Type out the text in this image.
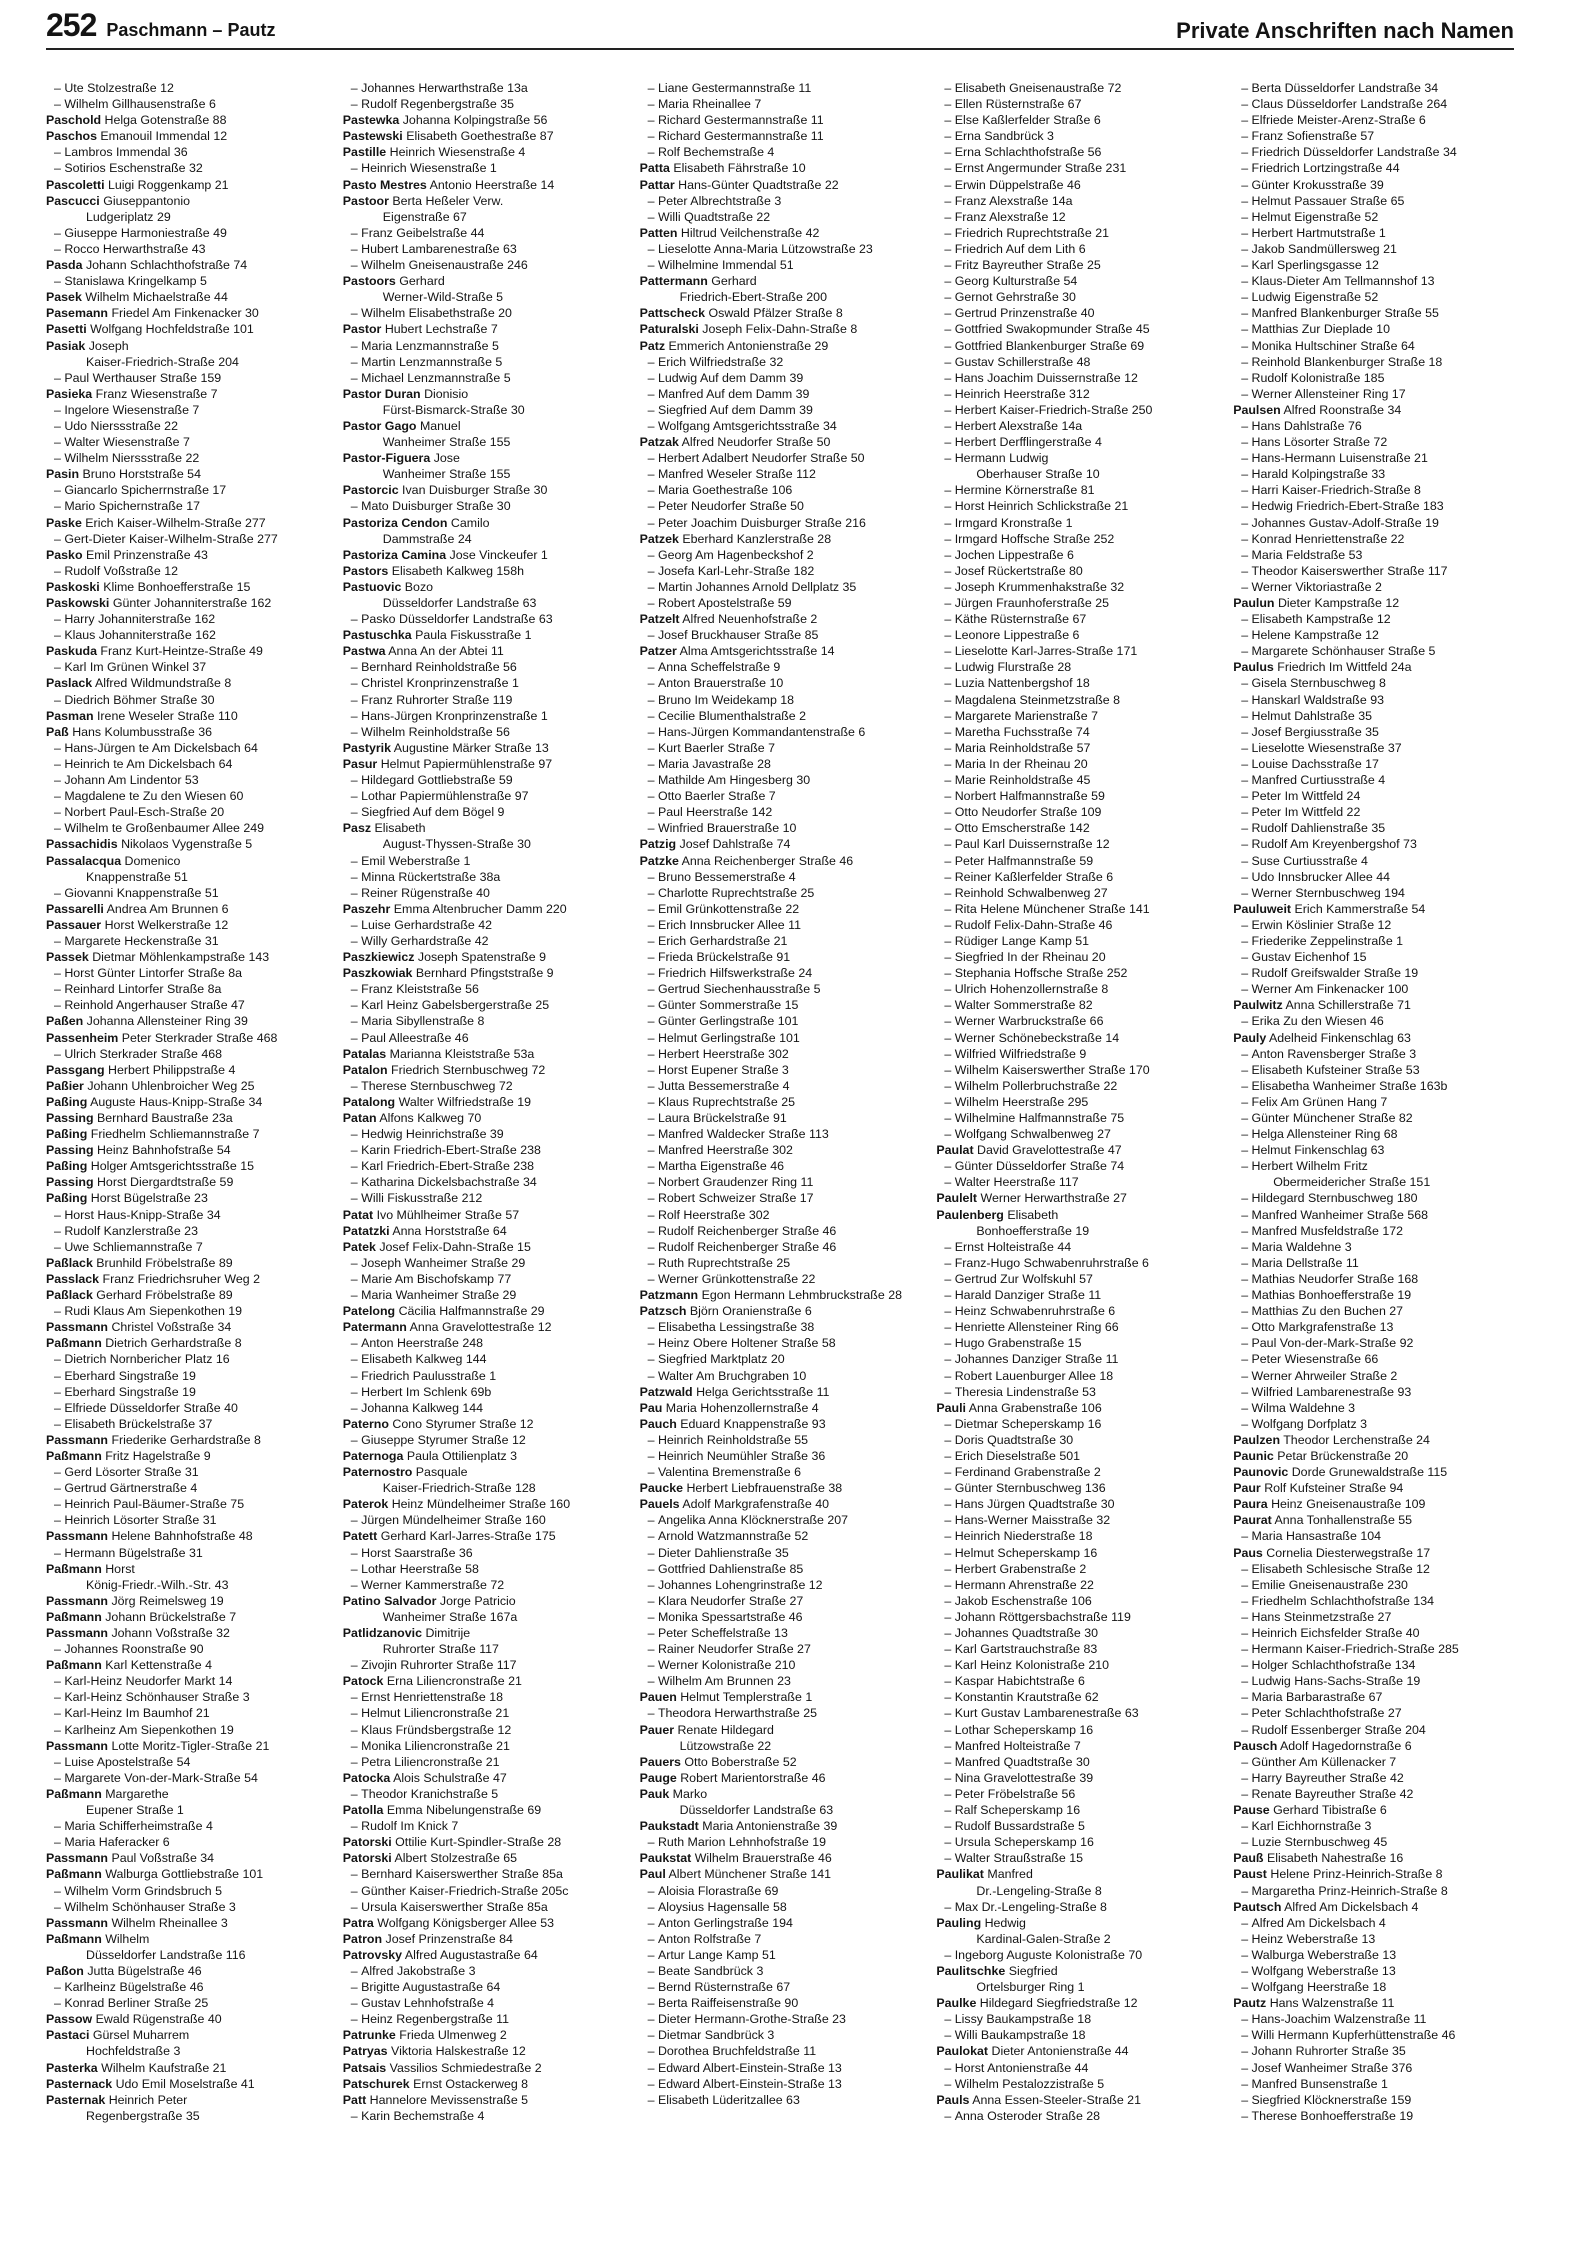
252 Paschmann – Pautz	Private Anschriften nach Namen
– Ute Stolzestraße 12
– Wilhelm Gillhausenstraße 6
Paschold Helga Gotenstraße 88
Paschos Emanouil Immendal 12
– Lambros Immendal 36
– Sotirios Eschenstraße 32
Pascoletti Luigi Roggenkamp 21
Pascucci Giuseppantonio
Ludgeriplatz 29
– Giuseppe Harmoniestraße 49
– Rocco Herwarthstraße 43
Pasda Johann Schlachthofstraße 74
– Stanislawa Kringelkamp 5
Pasek Wilhelm Michaelstraße 44
Pasemann Friedel Am Finkenacker 30
Pasetti Wolfgang Hochfeldstraße 101
Pasiak Joseph
Kaiser-Friedrich-Straße 204
– Paul Werthauser Straße 159
Pasieka Franz Wiesenstraße 7
– Ingelore Wiesenstraße 7
– Udo Nierssstraße 22
– Walter Wiesenstraße 7
– Wilhelm Nierssstraße 22
Pasin Bruno Horststraße 54
– Giancarlo Spicherrnstraße 17
– Mario Spichernstraße 17
Paske Erich Kaiser-Wilhelm-Straße 277
– Gert-Dieter Kaiser-Wilhelm-Straße 277
Pasko Emil Prinzenstraße 43
– Rudolf Voßstraße 12
Paskoski Klime Bonhoefferstraße 15
Paskowski Günter Johanniterstraße 162
– Harry Johanniterstraße 162
– Klaus Johanniterstraße 162
Paskuda Franz Kurt-Heintze-Straße 49
– Karl Im Grünen Winkel 37
Paslack Alfred Wildmundstraße 8
– Diedrich Böhmer Straße 30
Pasman Irene Weseler Straße 110
Paß Hans Kolumbusstraße 36
– Hans-Jürgen te Am Dickelsbach 64
– Heinrich te Am Dickelsbach 64
– Johann Am Lindentor 53
– Magdalene te Zu den Wiesen 60
– Norbert Paul-Esch-Straße 20
– Wilhelm te Großenbaumer Allee 249
Passachidis Nikolaos Vygenstraße 5
Passalacqua Domenico
Knappenstraße 51
– Giovanni Knappenstraße 51
Passarelli Andrea Am Brunnen 6
Passauer Horst Welkerstraße 12
– Margarete Heckenstraße 31
Passek Dietmar Möhlenkampstraße 143
– Horst Günter Lintorfer Straße 8a
– Reinhard Lintorfer Straße 8a
– Reinhold Angerhauser Straße 47
Paßen Johanna Allensteiner Ring 39
Passenheim Peter Sterkrader Straße 468
– Ulrich Sterkrader Straße 468
Passgang Herbert Philippstraße 4
Paßier Johann Uhlenbroicher Weg 25
Paßing Auguste Haus-Knipp-Straße 34
Passing Bernhard Baustraße 23a
Paßing Friedhelm Schliemannstraße 7
Passing Heinz Bahnhofstraße 54
Paßing Holger Amtsgerichtsstraße 15
Passing Horst Diergardtstraße 59
Paßing Horst Bügelstraße 23
– Horst Haus-Knipp-Straße 34
– Rudolf Kanzlerstraße 23
– Uwe Schliemannstraße 7
Paßlack Brunhild Fröbelstraße 89
Passlack Franz Friedrichsruher Weg 2
Paßlack Gerhard Fröbelstraße 89
– Rudi Klaus Am Siepenkothen 19
Passmann Christel Voßstraße 34
Paßmann Dietrich Gerhardstraße 8
– Dietrich Nornbericher Platz 16
– Eberhard Singstraße 19
– Eberhard Singstraße 19
– Elfriede Düsseldorfer Straße 40
– Elisabeth Brückelstraße 37
Passmann Friederike Gerhardstraße 8
Paßmann Fritz Hagelstraße 9
– Gerd Lösorter Straße 31
– Gertrud Gärtnerstraße 4
– Heinrich Paul-Bäumer-Straße 75
– Heinrich Lösorter Straße 31
Passmann Helene Bahnhofstraße 48
– Hermann Bügelstraße 31
Paßmann Horst
König-Friedr.-Wilh.-Str. 43
Passmann Jörg Reimelsweg 19
Paßmann Johann Brückelstraße 7
Passmann Johann Voßstraße 32
– Johannes Roonstraße 90
Paßmann Karl Kettenstraße 4
– Karl-Heinz Neudorfer Markt 14
– Karl-Heinz Schönhauser Straße 3
– Karl-Heinz Im Baumhof 21
– Karlheinz Am Siepenkothen 19
Passmann Lotte Moritz-Tigler-Straße 21
– Luise Apostelstraße 54
– Margarete Von-der-Mark-Straße 54
Paßmann Margarethe
Eupener Straße 1
– Maria Schifferheimstraße 4
– Maria Haferacker 6
Passmann Paul Voßstraße 34
Paßmann Walburga Gottliebstraße 101
– Wilhelm Vorm Grindsbruch 5
– Wilhelm Schönhauser Straße 3
Passmann Wilhelm Rheinallee 3
Paßmann Wilhelm
Düsseldorfer Landstraße 116
Paßon Jutta Bügelstraße 46
– Karlheinz Bügelstraße 46
– Konrad Berliner Straße 25
Passow Ewald Rügenstraße 40
Pastaci Gürsel Muharrem
Hochfeldstraße 3
Pasterka Wilhelm Kaufstraße 21
Pasternack Udo Emil Moselstraße 41
Pasternak Heinrich Peter
Regenbergstraße 35
– Johannes Herwarthstraße 13a
– Rudolf Regenbergstraße 35
Pastewka Johanna Kolpingstraße 56
Pastewski Elisabeth Goethestraße 87
Pastille Heinrich Wiesenstraße 4
– Heinrich Wiesenstraße 1
Pasto Mestres Antonio Heerstraße 14
Pastoor Berta Heßeler Verw.
Eigenstraße 67
– Franz Geibelstraße 44
– Hubert Lambarenestraße 63
– Wilhelm Gneisenaustraße 246
Pastoors Gerhard
Werner-Wild-Straße 5
– Wilhelm Elisabethstraße 20
Pastor Hubert Lechstraße 7
– Maria Lenzmannstraße 5
– Martin Lenzmannstraße 5
– Michael Lenzmannstraße 5
Pastor Duran Dionisio
Fürst-Bismarck-Straße 30
Pastor Gago Manuel
Wanheimer Straße 155
Pastor-Figuera Jose
Wanheimer Straße 155
Pastorcic Ivan Duisburger Straße 30
– Mato Duisburger Straße 30
Pastoriza Cendon Camilo
Dammstraße 24
Pastoriza Camina Jose Vinckeufer 1
Pastors Elisabeth Kalkweg 158h
Pastuovic Bozo
Düsseldorfer Landstraße 63
– Pasko Düsseldorfer Landstraße 63
Pastuschka Paula Fiskusstraße 1
Pastwa Anna An der Abtei 11
– Bernhard Reinholdstraße 56
– Christel Kronprinzenstraße 1
– Franz Ruhrorter Straße 119
– Hans-Jürgen Kronprinzenstraße 1
– Wilhelm Reinholdstraße 56
Pastyrik Augustine Märker Straße 13
Pasur Helmut Papiermühlenstraße 97
– Hildegard Gottliebstraße 59
– Lothar Papiermühlenstraße 97
– Siegfried Auf dem Bögel 9
Pasz Elisabeth
August-Thyssen-Straße 30
– Emil Weberstraße 1
– Minna Rückertstraße 38a
– Reiner Rügenstraße 40
Paszehr Emma Altenbrucher Damm 220
– Luise Gerhardstraße 42
– Willy Gerhardstraße 42
Paszkiewicz Joseph Spatenstraße 9
Paszkowiak Bernhard Pfingststraße 9
– Franz Kleiststraße 56
– Karl Heinz Gabelsbergerstraße 25
– Maria Sibyllenstraße 8
– Paul Alleestraße 46
Patalas Marianna Kleiststraße 53a
Patalon Friedrich Sternbuschweg 72
– Therese Sternbuschweg 72
Patalong Walter Wilfriedstraße 19
Patan Alfons Kalkweg 70
– Hedwig Heinrichstraße 39
– Karin Friedrich-Ebert-Straße 238
– Karl Friedrich-Ebert-Straße 238
– Katharina Dickelsbachstraße 34
– Willi Fiskusstraße 212
Patat Ivo Mühlheimer Straße 57
Patatzki Anna Horststraße 64
Patek Josef Felix-Dahn-Straße 15
– Joseph Wanheimer Straße 29
– Marie Am Bischofskamp 77
– Maria Wanheimer Straße 29
Patelong Cäcilia Halfmannstraße 29
Patermann Anna Gravelottestraße 12
– Anton Heerstraße 248
– Elisabeth Kalkweg 144
– Friedrich Paulusstraße 1
– Herbert Im Schlenk 69b
– Johanna Kalkweg 144
Paterno Cono Styrumer Straße 12
– Giuseppe Styrumer Straße 12
Paternoga Paula Ottilienplatz 3
Paternostro Pasquale
Kaiser-Friedrich-Straße 128
Paterok Heinz Mündelheimer Straße 160
– Jürgen Mündelheimer Straße 160
Patett Gerhard Karl-Jarres-Straße 175
– Horst Saarstraße 36
– Lothar Heerstraße 58
– Werner Kammerstraße 72
Patino Salvador Jorge Patricio
Wanheimer Straße 167a
Patlidzanovic Dimitrije
Ruhrorter Straße 117
– Zivojin Ruhrorter Straße 117
Patock Erna Liliencronstraße 21
– Ernst Henriettenstraße 18
– Helmut Liliencronstraße 21
– Klaus Fründsbergstraße 12
– Monika Liliencronstraße 21
– Petra Liliencronstraße 21
Patocka Alois Schulstraße 47
– Theodor Kranichstraße 5
Patolla Emma Nibelungenstraße 69
– Rudolf Im Knick 7
Patorski Ottilie Kurt-Spindler-Straße 28
Patorski Albert Stolzestraße 65
– Bernhard Kaiserswerther Straße 85a
– Günther Kaiser-Friedrich-Straße 205c
– Ursula Kaiserswerther Straße 85a
Patra Wolfgang Königsberger Allee 53
Patron Josef Prinzenstraße 84
Patrovsky Alfred Augustastraße 64
– Alfred Jakobstraße 3
– Brigitte Augustastraße 64
– Gustav Lehnhofstraße 4
– Heinz Regenbergstraße 11
Patrunke Frieda Ulmenweg 2
Patryas Viktoria Halskestraße 12
Patsais Vassilios Schmiedestraße 2
Patschurek Ernst Ostackerweg 8
Patt Hannelore Mevissenstraße 5
– Karin Bechemstraße 4
– Liane Gestermannstraße 11
– Maria Rheinallee 7
– Richard Gestermannstraße 11
– Richard Gestermannstraße 11
– Rolf Bechemstraße 4
Patta Elisabeth Fährstraße 10
Pattar Hans-Günter Quadtstraße 22
– Peter Albrechtstraße 3
– Willi Quadtstraße 22
Patten Hiltrud Veilchenstraße 42
– Lieselotte Anna-Maria Lützowstraße 23
– Wilhelmine Immendal 51
Pattermann Gerhard
Friedrich-Ebert-Straße 200
Pattscheck Oswald Pfälzer Straße 8
Paturalski Joseph Felix-Dahn-Straße 8
Patz Emmerich Antonienstraße 29
– Erich Wilfriedstraße 32
– Ludwig Auf dem Damm 39
– Manfred Auf dem Damm 39
– Siegfried Auf dem Damm 39
– Wolfgang Amtsgerichtsstraße 34
Patzak Alfred Neudorfer Straße 50
– Herbert Adalbert Neudorfer Straße 50
– Manfred Weseler Straße 112
– Maria Goethestraße 106
– Peter Neudorfer Straße 50
– Peter Joachim Duisburger Straße 216
Patzek Eberhard Kanzlerstraße 28
– Georg Am Hagenbeckshof 2
– Josefa Karl-Lehr-Straße 182
– Martin Johannes Arnold Dellplatz 35
– Robert Apostelstraße 59
Patzelt Alfred Neuenhofstraße 2
– Josef Bruckhauser Straße 85
Patzer Alma Amtsgerichtsstraße 14
– Anna Scheffelstraße 9
– Anton Brauerstraße 10
– Bruno Im Weidekamp 18
– Cecilie Blumenthalstraße 2
– Hans-Jürgen Kommandantenstraße 6
– Kurt Baerler Straße 7
– Maria Javastraße 28
– Mathilde Am Hingesberg 30
– Otto Baerler Straße 7
– Paul Heerstraße 142
– Winfried Brauerstraße 10
Patzig Josef Dahlstraße 74
Patzke Anna Reichenberger Straße 46
– Bruno Bessemerstraße 4
– Charlotte Ruprechtstraße 25
– Emil Grünkottenstraße 22
– Erich Innsbrucker Allee 11
– Erich Gerhardstraße 21
– Frieda Brückelstraße 91
– Friedrich Hilfswerkstraße 24
– Gertrud Siechenhausstraße 5
– Günter Sommerstraße 15
– Günter Gerlingstraße 101
– Helmut Gerlingstraße 101
– Herbert Heerstraße 302
– Horst Eupener Straße 3
– Jutta Bessemerstraße 4
– Klaus Ruprechtstraße 25
– Laura Brückelstraße 91
– Manfred Waldecker Straße 113
– Manfred Heerstraße 302
– Martha Eigenstraße 46
– Norbert Graudenzer Ring 11
– Robert Schweizer Straße 17
– Rolf Heerstraße 302
– Rudolf Reichenberger Straße 46
– Rudolf Reichenberger Straße 46
– Ruth Ruprechtstraße 25
– Werner Grünkottenstraße 22
Patzmann Egon Hermann Lehmbruckstraße 28
Patzsch Björn Oranienstraße 6
– Elisabetha Lessingstraße 38
– Heinz Obere Holtener Straße 58
– Siegfried Marktplatz 20
– Walter Am Bruchgraben 10
Patzwald Helga Gerichtsstraße 11
Pau Maria Hohenzollernstraße 4
Pauch Eduard Knappenstraße 93
– Heinrich Reinholdstraße 55
– Heinrich Neumühler Straße 36
– Valentina Bremenstraße 6
Paucke Herbert Liebfrauenstraße 38
Pauels Adolf Markgrafenstraße 40
– Angelika Anna Klöcknerstraße 207
– Arnold Watzmannstraße 52
– Dieter Dahlienstraße 35
– Gottfried Dahlienstraße 85
– Johannes Lohengrinstraße 12
– Klara Neudorfer Straße 27
– Monika Spessartstraße 46
– Peter Scheffelstraße 13
– Rainer Neudorfer Straße 27
– Werner Kolonistraße 210
– Wilhelm Am Brunnen 23
Pauen Helmut Templerstraße 1
– Theodora Herwarthstraße 25
Pauer Renate Hildegard
Lützowstraße 22
Pauers Otto Boberstraße 52
Pauge Robert Marientorstraße 46
Pauk Marko
Düsseldorfer Landstraße 63
Paukstadt Maria Antonienstraße 39
– Ruth Marion Lehnhofstraße 19
Paukstat Wilhelm Brauerstraße 46
Paul Albert Münchener Straße 141
– Aloisia Florastraße 69
– Aloysius Hagensalle 58
– Anton Gerlingstraße 194
– Anton Rolfstraße 7
– Artur Lange Kamp 51
– Beate Sandbrück 3
– Bernd Rüsternstraße 67
– Berta Raiffeisenstraße 90
– Dieter Hermann-Grothe-Straße 23
– Dietmar Sandbrück 3
– Dorothea Bruchfeldstraße 11
– Edward Albert-Einstein-Straße 13
– Edward Albert-Einstein-Straße 13
– Elisabeth Lüderitzallee 63
– Elisabeth Gneisenaustraße 72
– Ellen Rüsternstraße 67
– Else Kaßlerfelder Straße 6
– Erna Sandbrück 3
– Erna Schlachthofstraße 56
– Ernst Angermunder Straße 231
– Erwin Düppelstraße 46
– Franz Alexstraße 14a
– Franz Alexstraße 12
– Friedrich Ruprechtstraße 21
– Friedrich Auf dem Lith 6
– Fritz Bayreuther Straße 25
– Georg Kulturstraße 54
– Gernot Gehrstraße 30
– Gertrud Prinzenstraße 40
– Gottfried Swakopmunder Straße 45
– Gottfried Blankenburger Straße 69
– Gustav Schillerstraße 48
– Hans Joachim Duissernstraße 12
– Heinrich Heerstraße 312
– Herbert Kaiser-Friedrich-Straße 250
– Herbert Alexstraße 14a
– Herbert Derfflingerstraße 4
– Hermann Ludwig
Oberhauser Straße 10
– Hermine Körnerstraße 81
– Horst Heinrich Schlickstraße 21
– Irmgard Kronstraße 1
– Irmgard Hoffsche Straße 252
– Jochen Lippestraße 6
– Josef Rückertstraße 80
– Joseph Krummenhakstraße 32
– Jürgen Fraunhoferstraße 25
– Käthe Rüsternstraße 67
– Leonore Lippestraße 6
– Lieselotte Karl-Jarres-Straße 171
– Ludwig Flurstraße 28
– Luzia Nattenbergshof 18
– Magdalena Steinmetzstraße 8
– Margarete Marienstraße 7
– Maretha Fuchsstraße 74
– Maria Reinholdstraße 57
– Maria In der Rheinau 20
– Marie Reinholdstraße 45
– Norbert Halfmannstraße 59
– Otto Neudorfer Straße 109
– Otto Emscherstraße 142
– Paul Karl Duissernstraße 12
– Peter Halfmannstraße 59
– Reiner Kaßlerfelder Straße 6
– Reinhold Schwalbenweg 27
– Rita Helene Münchener Straße 141
– Rudolf Felix-Dahn-Straße 46
– Rüdiger Lange Kamp 51
– Siegfried In der Rheinau 20
– Stephania Hoffsche Straße 252
– Ulrich Hohenzollernstraße 8
– Walter Sommerstraße 82
– Werner Warbruckstraße 66
– Werner Schönebeckstraße 14
– Wilfried Wilfriedstraße 9
– Wilhelm Kaiserswerther Straße 170
– Wilhelm Pollerbruchstraße 22
– Wilhelm Heerstraße 295
– Wilhelmine Halfmannstraße 75
– Wolfgang Schwalbenweg 27
Paulat David Gravelottestraße 47
– Günter Düsseldorfer Straße 74
– Walter Heerstraße 117
Paulelt Werner Herwarthstraße 27
Paulenberg Elisabeth
Bonhoefferstraße 19
– Ernst Holteistraße 44
– Franz-Hugo Schwabenruhrstraße 6
– Gertrud Zur Wolfskuhl 57
– Harald Danziger Straße 11
– Heinz Schwabenruhrstraße 6
– Henriette Allensteiner Ring 66
– Hugo Grabenstraße 15
– Johannes Danziger Straße 11
– Robert Lauenburger Allee 18
– Theresia Lindenstraße 53
Pauli Anna Grabenstraße 106
– Dietmar Scheperskamp 16
– Doris Quadtstraße 30
– Erich Dieselstraße 501
– Ferdinand Grabenstraße 2
– Günter Sternbuschweg 136
– Hans Jürgen Quadtstraße 30
– Hans-Werner Maisstraße 32
– Heinrich Niederstraße 18
– Helmut Scheperskamp 16
– Herbert Grabenstraße 2
– Hermann Ahrenstraße 22
– Jakob Eschenstraße 106
– Johann Röttgersbachstraße 119
– Johannes Quadtstraße 30
– Karl Gartstrauchstraße 83
– Karl Heinz Kolonistraße 210
– Kaspar Habichtstraße 6
– Konstantin Krautstraße 62
– Kurt Gustav Lambarenestraße 63
– Lothar Scheperskamp 16
– Manfred Holteistraße 7
– Manfred Quadtstraße 30
– Nina Gravelottestraße 39
– Peter Fröbelstraße 56
– Ralf Scheperskamp 16
– Rudolf Bussardstraße 5
– Ursula Scheperskamp 16
– Walter Straußstraße 15
Paulikat Manfred
Dr.-Lengeling-Straße 8
– Max Dr.-Lengeling-Straße 8
Pauling Hedwig
Kardinal-Galen-Straße 2
– Ingeborg Auguste Kolonistraße 70
Paulitschke Siegfried
Ortelsburger Ring 1
Paulke Hildegard Siegfriedstraße 12
– Lissy Baukampstraße 18
– Willi Baukampstraße 18
Paulokat Dieter Antonienstraße 44
– Horst Antonienstraße 44
– Wilhelm Pestalozzistraße 5
Pauls Anna Essen-Steeler-Straße 21
– Anna Osteroder Straße 28
– Berta Düsseldorfer Landstraße 34
– Claus Düsseldorfer Landstraße 264
– Elfriede Meister-Arenz-Straße 6
– Franz Sofienstraße 57
– Friedrich Düsseldorfer Landstraße 34
– Friedrich Lortzingstraße 44
– Günter Krokusstraße 39
– Helmut Passauer Straße 65
– Helmut Eigenstraße 52
– Herbert Hartmutstraße 1
– Jakob Sandmüllersweg 21
– Karl Sperlingsgasse 12
– Klaus-Dieter Am Tellmannshof 13
– Ludwig Eigenstraße 52
– Manfred Blankenburger Straße 55
– Matthias Zur Dieplade 10
– Monika Hultschiner Straße 64
– Reinhold Blankenburger Straße 18
– Rudolf Kolonistraße 185
– Werner Allensteiner Ring 17
Paulsen Alfred Roonstraße 34
– Hans Dahlstraße 76
– Hans Lösorter Straße 72
– Hans-Hermann Luisenstraße 21
– Harald Kolpingstraße 33
– Harri Kaiser-Friedrich-Straße 8
– Hedwig Friedrich-Ebert-Straße 183
– Johannes Gustav-Adolf-Straße 19
– Konrad Henriettenstraße 22
– Maria Feldstraße 53
– Theodor Kaiserswerther Straße 117
– Werner Viktoriastraße 2
Paulun Dieter Kampstraße 12
– Elisabeth Kampstraße 12
– Helene Kampstraße 12
– Margarete Schönhauser Straße 5
Paulus Friedrich Im Wittfeld 24a
– Gisela Sternbuschweg 8
– Hanskarl Waldstraße 93
– Helmut Dahlstraße 35
– Josef Bergiusstraße 35
– Lieselotte Wiesenstraße 37
– Louise Dachsstraße 17
– Manfred Curtiusstraße 4
– Peter Im Wittfeld 24
– Peter Im Wittfeld 22
– Rudolf Dahlienstraße 35
– Rudolf Am Kreyenbergshof 73
– Suse Curtiusstraße 4
– Udo Innsbrucker Allee 44
– Werner Sternbuschweg 194
Pauluweit Erich Kammerstraße 54
– Erwin Köslinier Straße 12
– Friederike Zeppelinstraße 1
– Gustav Eichenhof 15
– Rudolf Greifswalder Straße 19
– Werner Am Finkenacker 100
Paulwitz Anna Schillerstraße 71
– Erika Zu den Wiesen 46
Pauly Adelheid Finkenschlag 63
– Anton Ravensberger Straße 3
– Elisabeth Kufsteiner Straße 53
– Elisabetha Wanheimer Straße 163b
– Felix Am Grünen Hang 7
– Günter Münchener Straße 82
– Helga Allensteiner Ring 68
– Helmut Finkenschlag 63
– Herbert Wilhelm Fritz
Obermeidericher Straße 151
– Hildegard Sternbuschweg 180
– Manfred Wanheimer Straße 568
– Manfred Musfeldstraße 172
– Maria Waldehne 3
– Maria Dellstraße 11
– Mathias Neudorfer Straße 168
– Mathias Bonhoefferstraße 19
– Matthias Zu den Buchen 27
– Otto Markgrafenstraße 13
– Paul Von-der-Mark-Straße 92
– Peter Wiesenstraße 66
– Werner Ahrweiler Straße 2
– Wilfried Lambarenestraße 93
– Wilma Waldehne 3
– Wolfgang Dorfplatz 3
Paulzen Theodor Lerchenstraße 24
Paunic Petar Brückenstraße 20
Paunovic Dorde Grunewaldstraße 115
Paur Rolf Kufsteiner Straße 94
Paura Heinz Gneisenaustraße 109
Paurat Anna Tonhallenstraße 55
– Maria Hansastraße 104
Paus Cornelia Diesterwegstraße 17
– Elisabeth Schlesische Straße 12
– Emilie Gneisenaustraße 230
– Friedhelm Schlachthofstraße 134
– Hans Steinmetzstraße 27
– Heinrich Eichsfelder Straße 40
– Hermann Kaiser-Friedrich-Straße 285
– Holger Schlachthofstraße 134
– Ludwig Hans-Sachs-Straße 19
– Maria Barbarastraße 67
– Peter Schlachthofstraße 27
– Rudolf Essenberger Straße 204
Pausch Adolf Hagedornstraße 6
– Günther Am Küllenacker 7
– Harry Bayreuther Straße 42
– Renate Bayreuther Straße 42
Pause Gerhard Tibistraße 6
– Karl Eichhornstraße 3
– Luzie Sternbuschweg 45
Pauß Elisabeth Nahestraße 16
Paust Helene Prinz-Heinrich-Straße 8
– Margaretha Prinz-Heinrich-Straße 8
Pautsch Alfred Am Dickelsbach 4
– Alfred Am Dickelsbach 4
– Heinz Weberstraße 13
– Walburga Weberstraße 13
– Wolfgang Weberstraße 13
– Wolfgang Heerstraße 18
Pautz Hans Walzenstraße 11
– Hans-Joachim Walzenstraße 11
– Willi Hermann Kupferhüttenstraße 46
– Johann Ruhrorter Straße 35
– Josef Wanheimer Straße 376
– Manfred Bunsenstraße 1
– Siegfried Klöcknerstraße 159
– Therese Bonhoefferstraße 19
